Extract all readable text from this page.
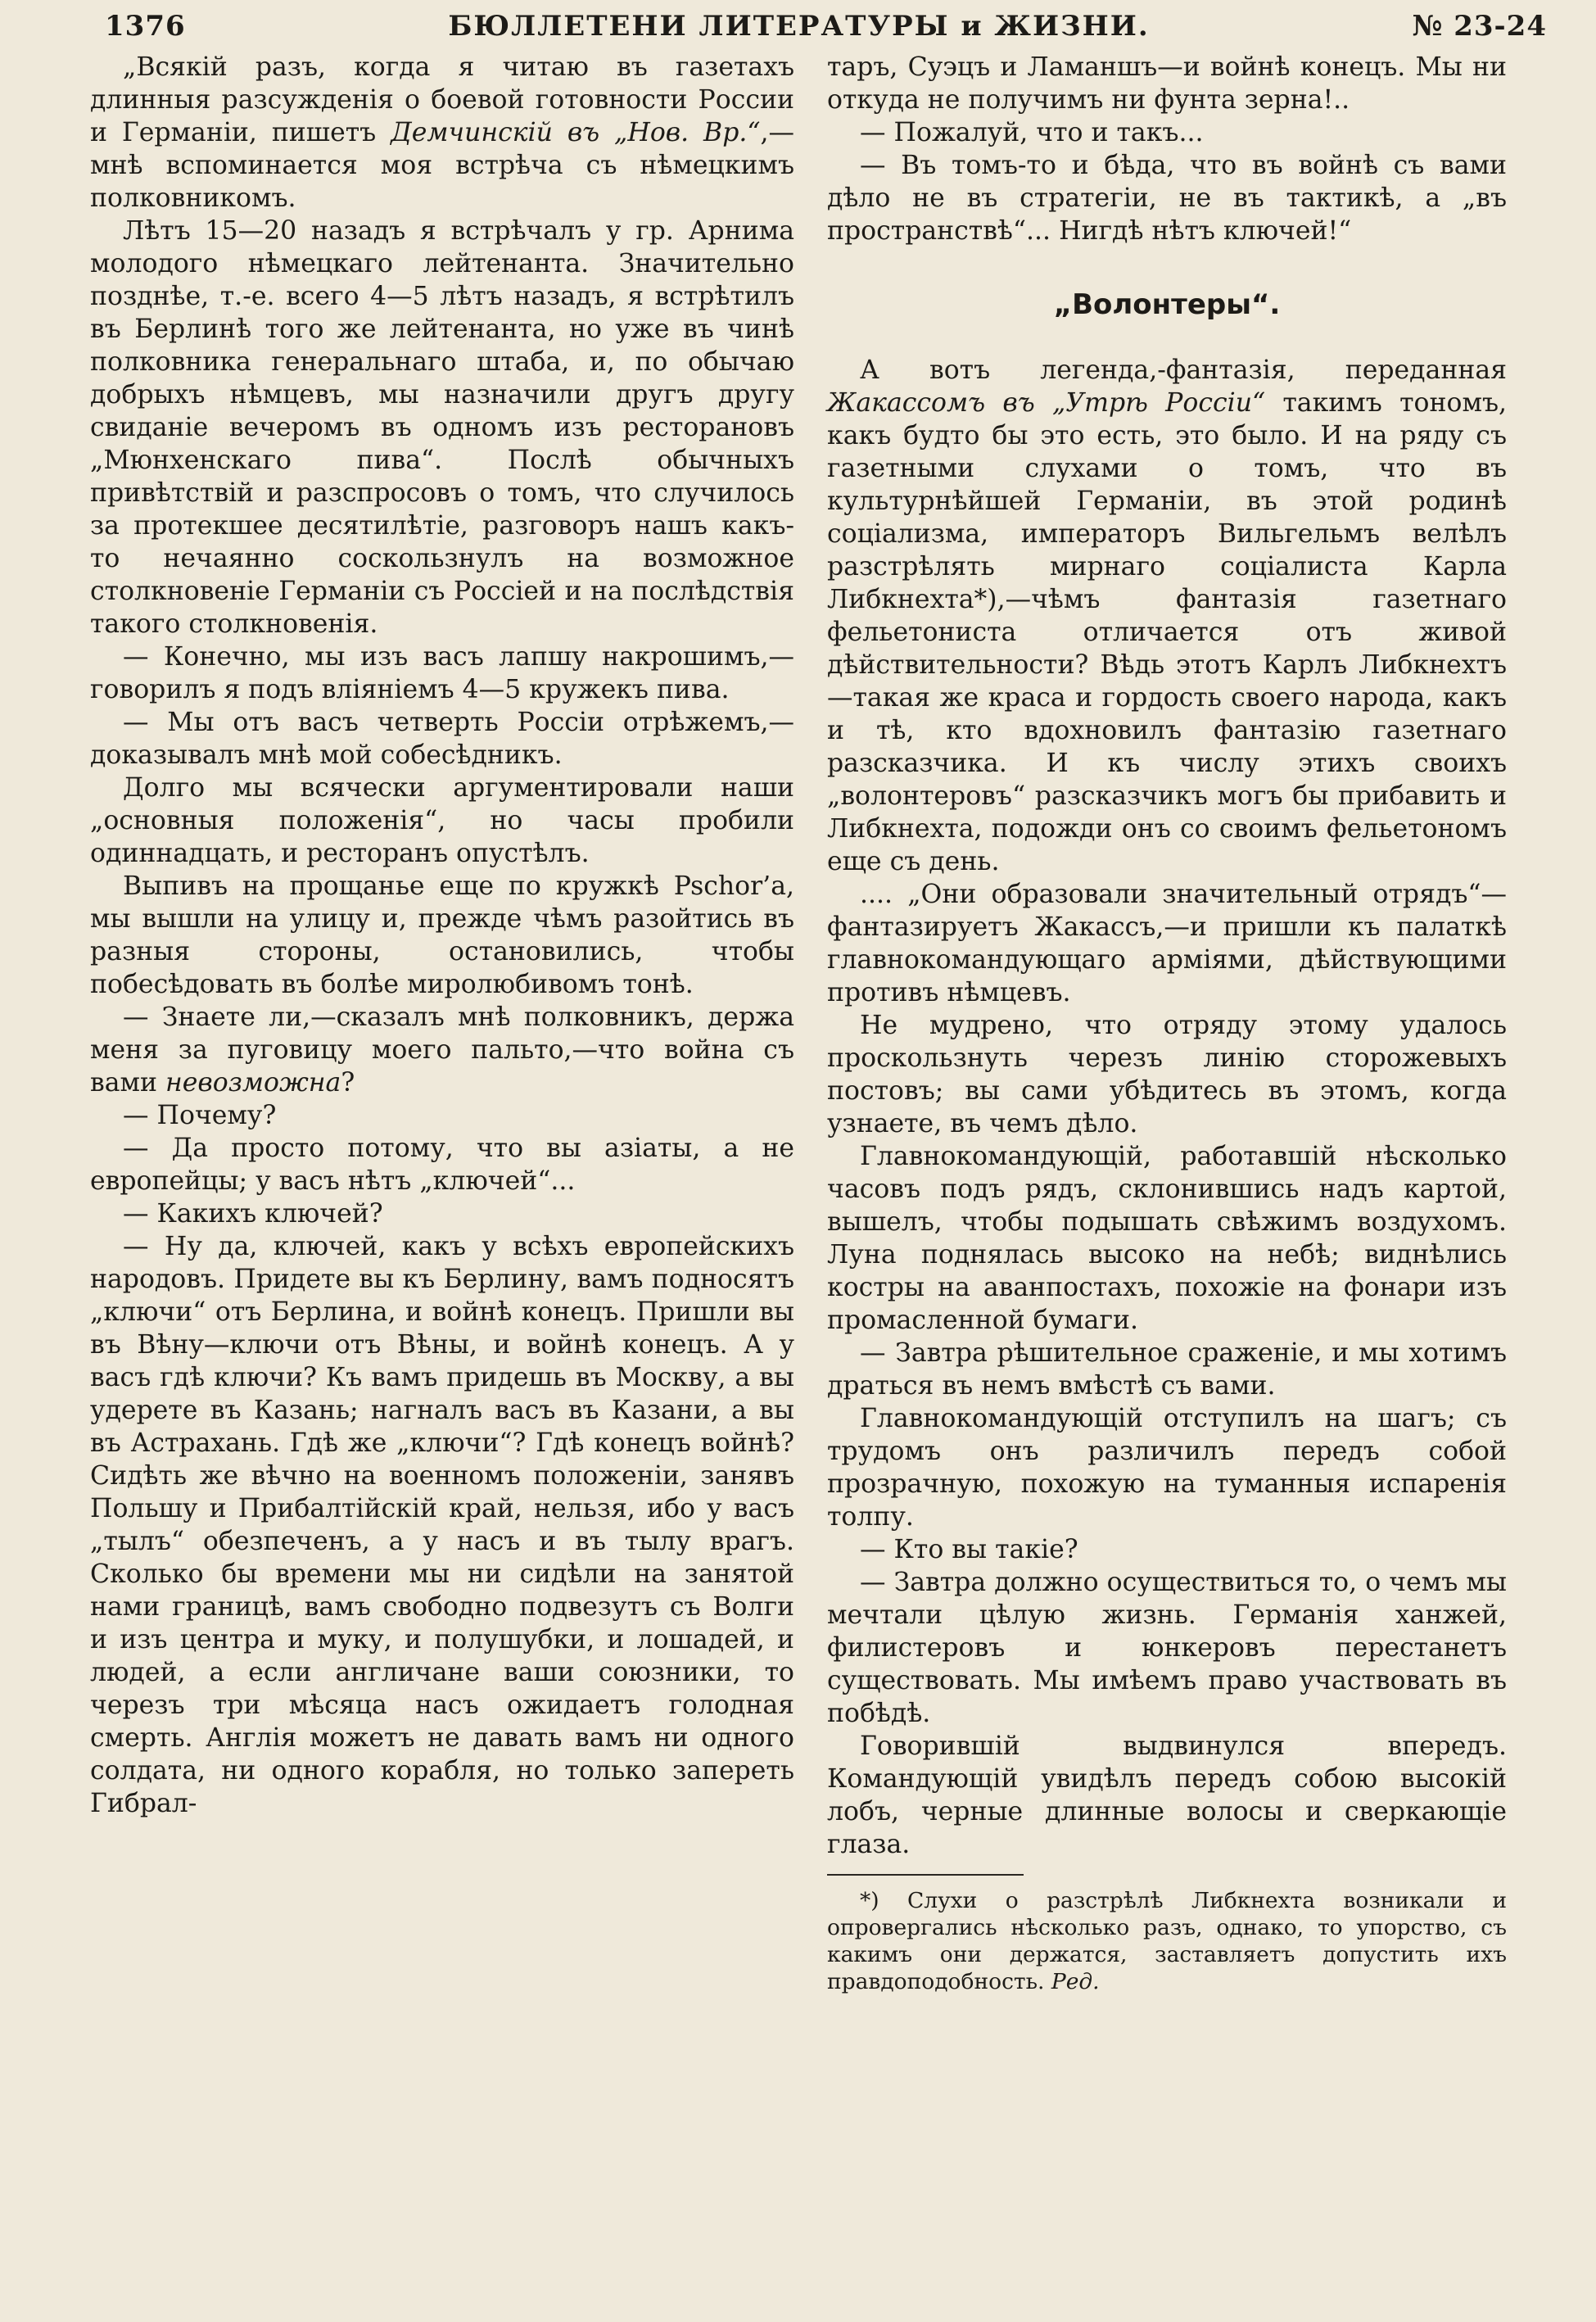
1376	БЮЛЛЕТЕНИ ЛИТЕРАТУРЫ и ЖИЗНИ.	№ 23-24

„Всякій разъ, когда я читаю въ газетахъ длинныя разсужденія о боевой готовности России и Германіи, пишетъ Демчинскій въ „Нов. Вр.“,—мнѣ вспоминается моя встрѣча съ нѣмецкимъ полковникомъ.

Лѣтъ 15—20 назадъ я встрѣчалъ у гр. Арнима молодого нѣмецкаго лейтенанта. Значительно позднѣе, т.-е. всего 4—5 лѣтъ назадъ, я встрѣтилъ въ Берлинѣ того же лейтенанта, но уже въ чинѣ полковника генеральнаго штаба, и, по обычаю добрыхъ нѣмцевъ, мы назначили другъ другу свиданіе вечеромъ въ одномъ изъ ресторановъ „Мюнхенскаго пива“. Послѣ обычныхъ привѣтствій и разспросовъ о томъ, что случилось за протекшее десятилѣтіе, разговоръ нашъ какъ-то нечаянно соскользнулъ на возможное столкновеніе Германіи съ Россіей и на послѣдствія такого столкновенія.

— Конечно, мы изъ васъ лапшу накрошимъ,—говорилъ я подъ вліяніемъ 4—5 кружекъ пива.

— Мы отъ васъ четверть Россіи отрѣжемъ,—доказывалъ мнѣ мой собесѣдникъ.

Долго мы всячески аргументировали наши „основныя положенія“, но часы пробили одиннадцать, и ресторанъ опустѣлъ.

Выпивъ на прощанье еще по кружкѣ Pschor’а, мы вышли на улицу и, прежде чѣмъ разойтись въ разныя стороны, остановились, чтобы побесѣдовать въ болѣе миролюбивомъ тонѣ.

— Знаете ли,—сказалъ мнѣ полковникъ, держа меня за пуговицу моего пальто,—что война съ вами невозможна?

— Почему?

— Да просто потому, что вы азіаты, а не европейцы; у васъ нѣтъ „ключей“...

— Какихъ ключей?

— Ну да, ключей, какъ у всѣхъ европейскихъ народовъ. Придете вы къ Берлину, вамъ подносятъ „ключи“ отъ Берлина, и войнѣ конецъ. Пришли вы въ Вѣну—ключи отъ Вѣны, и войнѣ конецъ. А у васъ гдѣ ключи? Къ вамъ придешь въ Москву, а вы удерете въ Казань; нагналъ васъ въ Казани, а вы въ Астрахань. Гдѣ же „ключи“? Гдѣ конецъ войнѣ? Сидѣть же вѣчно на военномъ положеніи, занявъ Польшу и Прибалтійскій край, нельзя, ибо у васъ „тылъ“ обезпеченъ, а у насъ и въ тылу врагъ. Сколько бы времени мы ни сидѣли на занятой нами границѣ, вамъ свободно подвезутъ съ Волги и изъ центра и муку, и полушубки, и лошадей, и людей, а если англичане ваши союзники, то черезъ три мѣсяца насъ ожидаетъ голодная смерть. Англія можетъ не давать вамъ ни одного солдата, ни одного корабля, но только запереть Гибрал-

таръ, Суэцъ и Ламаншъ—и войнѣ конецъ. Мы ни откуда не получимъ ни фунта зерна!..

— Пожалуй, что и такъ...

— Въ томъ-то и бѣда, что въ войнѣ съ вами дѣло не въ стратегіи, не въ тактикѣ, а „въ пространствѣ“... Нигдѣ нѣтъ ключей!“

„Волонтеры“.

А вотъ легенда,-фантазія, переданная Жакассомъ въ „Утрѣ Россіи“ такимъ тономъ, какъ будто бы это есть, это было. И на ряду съ газетными слухами о томъ, что въ культурнѣйшей Германіи, въ этой родинѣ соціализма, императоръ Вильгельмъ велѣлъ разстрѣлять мирнаго соціалиста Карла Либкнехта*),—чѣмъ фантазія газетнаго фельетониста отличается отъ живой дѣйствительности? Вѣдь этотъ Карлъ Либкнехтъ—такая же краса и гордость своего народа, какъ и тѣ, кто вдохновилъ фантазію газетнаго разсказчика. И къ числу этихъ своихъ „волонтеровъ“ разсказчикъ могъ бы прибавить и Либкнехта, подожди онъ со своимъ фельетономъ еще съ день.

.... „Они образовали значительный отрядъ“—фантазируетъ Жакассъ,—и пришли къ палаткѣ главнокомандующаго арміями, дѣйствующими противъ нѣмцевъ.

Не мудрено, что отряду этому удалось проскользнуть черезъ линію сторожевыхъ постовъ; вы сами убѣдитесь въ этомъ, когда узнаете, въ чемъ дѣло.

Главнокомандующій, работавшій нѣсколько часовъ подъ рядъ, склонившись надъ картой, вышелъ, чтобы подышать свѣжимъ воздухомъ. Луна поднялась высоко на небѣ; виднѣлись костры на аванпостахъ, похожіе на фонари изъ промасленной бумаги.

— Завтра рѣшительное сраженіе, и мы хотимъ драться въ немъ вмѣстѣ съ вами.

Главнокомандующій отступилъ на шагъ; съ трудомъ онъ различилъ передъ собой прозрачную, похожую на туманныя испаренія толпу.

— Кто вы такіе?

— Завтра должно осуществиться то, о чемъ мы мечтали цѣлую жизнь. Германія ханжей, филистеровъ и юнкеровъ перестанетъ существовать. Мы имѣемъ право участвовать въ побѣдѣ.

Говорившій выдвинулся впередъ. Командующій увидѣлъ передъ собою высокій лобъ, черные длинные волосы и сверкающіе глаза.

*) Слухи о разстрѣлѣ Либкнехта возникали и опровергались нѣсколько разъ, однако, то упорство, съ какимъ они держатся, заставляетъ допустить ихъ правдоподобность. Ред.
